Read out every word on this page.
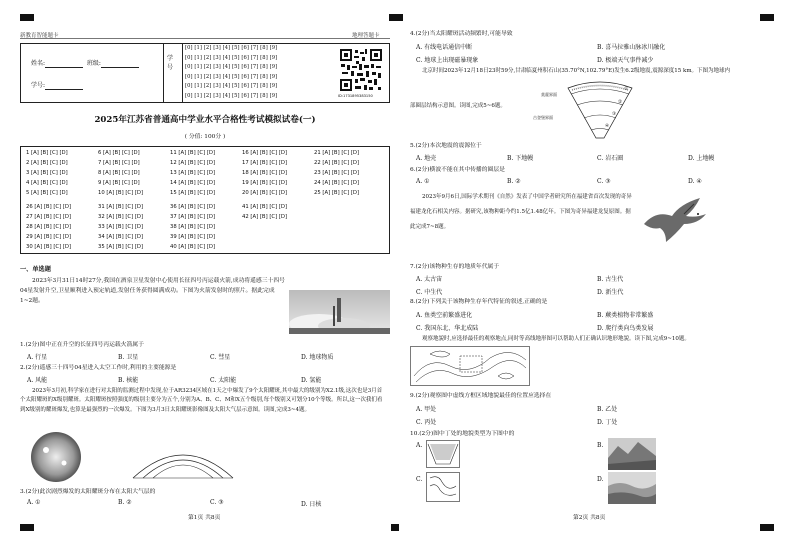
新教育智能题卡	地理答题卡
姓名:	班级:
学号:
学号
[0] [1] [2] [3] [4] [5] [6] [7] [8] [9]
[0] [1] [2] [3] [4] [5] [6] [7] [8] [9]
[0] [1] [2] [3] [4] [5] [6] [7] [8] [9]
[0] [1] [2] [3] [4] [5] [6] [7] [8] [9]
[0] [1] [2] [3] [4] [5] [6] [7] [8] [9]
[0] [1] [2] [3] [4] [5] [6] [7] [8] [9]	ID:1731895383150
2025年江苏省普通高中学业水平合格性考试模拟试卷(一)
( 分值: 100分 )
1 [A] [B] [C] [D]	6 [A] [B] [C] [D]	11 [A] [B] [C] [D]	16 [A] [B] [C] [D]	21 [A] [B] [C] [D]
2 [A] [B] [C] [D]	7 [A] [B] [C] [D]	12 [A] [B] [C] [D]	17 [A] [B] [C] [D]	22 [A] [B] [C] [D]
3 [A] [B] [C] [D]	8 [A] [B] [C] [D]	13 [A] [B] [C] [D]	18 [A] [B] [C] [D]	23 [A] [B] [C] [D]
4 [A] [B] [C] [D]	9 [A] [B] [C] [D]	14 [A] [B] [C] [D]	19 [A] [B] [C] [D]	24 [A] [B] [C] [D]
5 [A] [B] [C] [D]	10 [A] [B] [C] [D]	15 [A] [B] [C] [D]	20 [A] [B] [C] [D]	25 [A] [B] [C] [D]
26 [A] [B] [C] [D]	31 [A] [B] [C] [D]	36 [A] [B] [C] [D]	41 [A] [B] [C] [D]
27 [A] [B] [C] [D]	32 [A] [B] [C] [D]	37 [A] [B] [C] [D]	42 [A] [B] [C] [D]
28 [A] [B] [C] [D]	33 [A] [B] [C] [D]	38 [A] [B] [C] [D]
29 [A] [B] [C] [D]	34 [A] [B] [C] [D]	39 [A] [B] [C] [D]
30 [A] [B] [C] [D]	35 [A] [B] [C] [D]	40 [A] [B] [C] [D]
一、单选题
2023年3月31日14时27分,我国在酒泉卫星发射中心使用长征四号丙运载火箭,成功将遥感三十四号04星发射升空,卫星顺利进入预定轨道,发射任务获得圆满成功。下图为火箭发射时的照片。据此完成1~2题。
1.(2分)图中正在升空的长征四号丙运载火箭属于
A. 行星	B. 卫星	C. 彗星	D. 地球物质
2.(2分)遥感三十四号04星进入太空工作时,利用的主要能源是
A. 风能	B. 核能	C. 太阳能	D. 氢能
2023年3月初,科学家在进行对太阳的监测过程中发现,位于AR3234区域在1天之中爆发了9个太阳耀斑,其中最大的级别为X2.1级,这次也是3月首个太阳耀斑的X级别耀斑。太阳耀斑按照强度的级别主要分为五个,分别为A、B、C、M和X五个级别,每个级别又可划分10个等级。所以,这一次我们看到X级别的耀斑爆发,也算是最强烈的一次爆发。下图为3月3日太阳耀斑影像图及太阳大气层示意图。读图,完成3~4题。
3.(2分)此次剧烈爆发的太阳耀斑分布在太阳大气层的
A. ①	B. ②	C. ③	D. 日核
第1页 共8页
4.(2分)当太阳耀斑活动频繁时,可能导致
A. 有线电话通信中断	B. 喜马拉雅山脉冰川融化
C. 地球上出现磁暴现象	D. 极端天气事件减少
北京时间2023年12月18日23时59分,甘肃临夏州积石山(35.70°N,102.79°E)发生6.2级地震,震源深度15 km。下图为地球内
部圈层结构示意图。读图,完成5~6题。
莫霍界面
古登堡界面
①
②
③
④
5.(2分)本次地震的震源位于
A. 地壳	B. 下地幔	C. 岩石圈	D. 上地幔
6.(2分)横波不能在其中传播的圈层是
A. ①	B. ②	C. ③	D. ④
2023年9月6日,国际学术期刊《自然》发表了中国学者研究所在福建省首次发现的奇异福建龙化石相关内容。据研究,该物种距今约1.5亿1.48亿年。下图为奇异福建龙复原图。据此完成7~8题。
7.(2分)该物种生存的地质年代属于
A. 太古宙	B. 古生代
C. 中生代	D. 新生代
8.(2分)下列关于该物种生存年代特征的叙述,正确的是
A. 鱼类空前繁盛进化	B. 蕨类植物非常繁盛
C. 我国东北、华北成陆	D. 爬行类向鸟类发展
观察地貌时,应选择最佳的观察地点,同时等高线地形图可以帮助人们正确认识地形地貌。读下图,完成9~10题。
9.(2分)观察图中虚线方框区域地貌最佳的位置应选择在
A. 甲处	B. 乙处
C. 丙处	D. 丁处
10.(2分)图中丁处的地貌类型为下图中的
A.	B.
C.	D.
第2页 共8页
